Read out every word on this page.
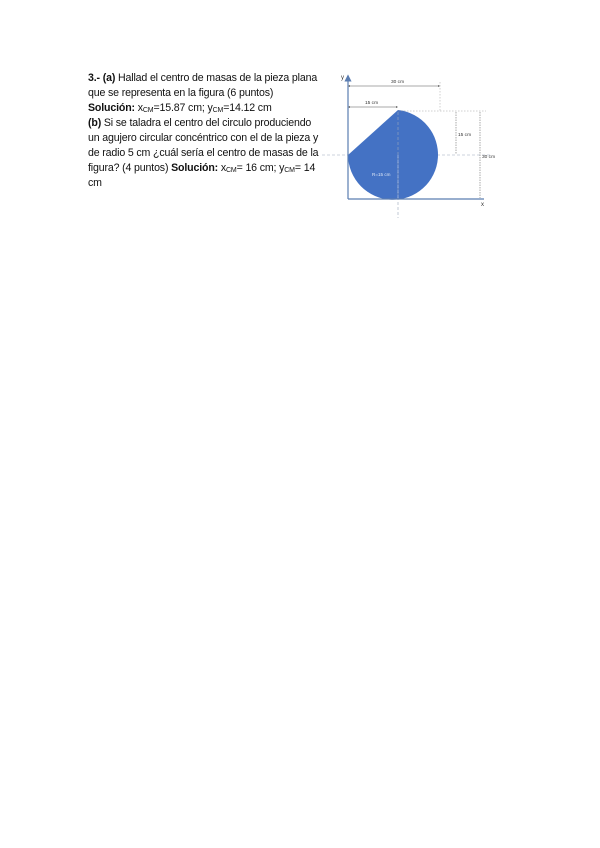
3.- (a) Hallad el centro de masas de la pieza plana que se representa en la figura (6 puntos) Solución: $x_{CM}=15.87$ cm; $y_{CM}=14.12$ cm

(b) Si se taladra el centro del circulo produciendo un agujero circular concéntrico con el de la pieza y de radio 5 cm ¿cuál sería el centro de masas de la figura? (4 puntos) Solución: $x_{CM}= 16$ cm; $y_{CM}= 14$ cm

y
x
30 cm
15 cm
15 cm
30 cm
R=15 cm
